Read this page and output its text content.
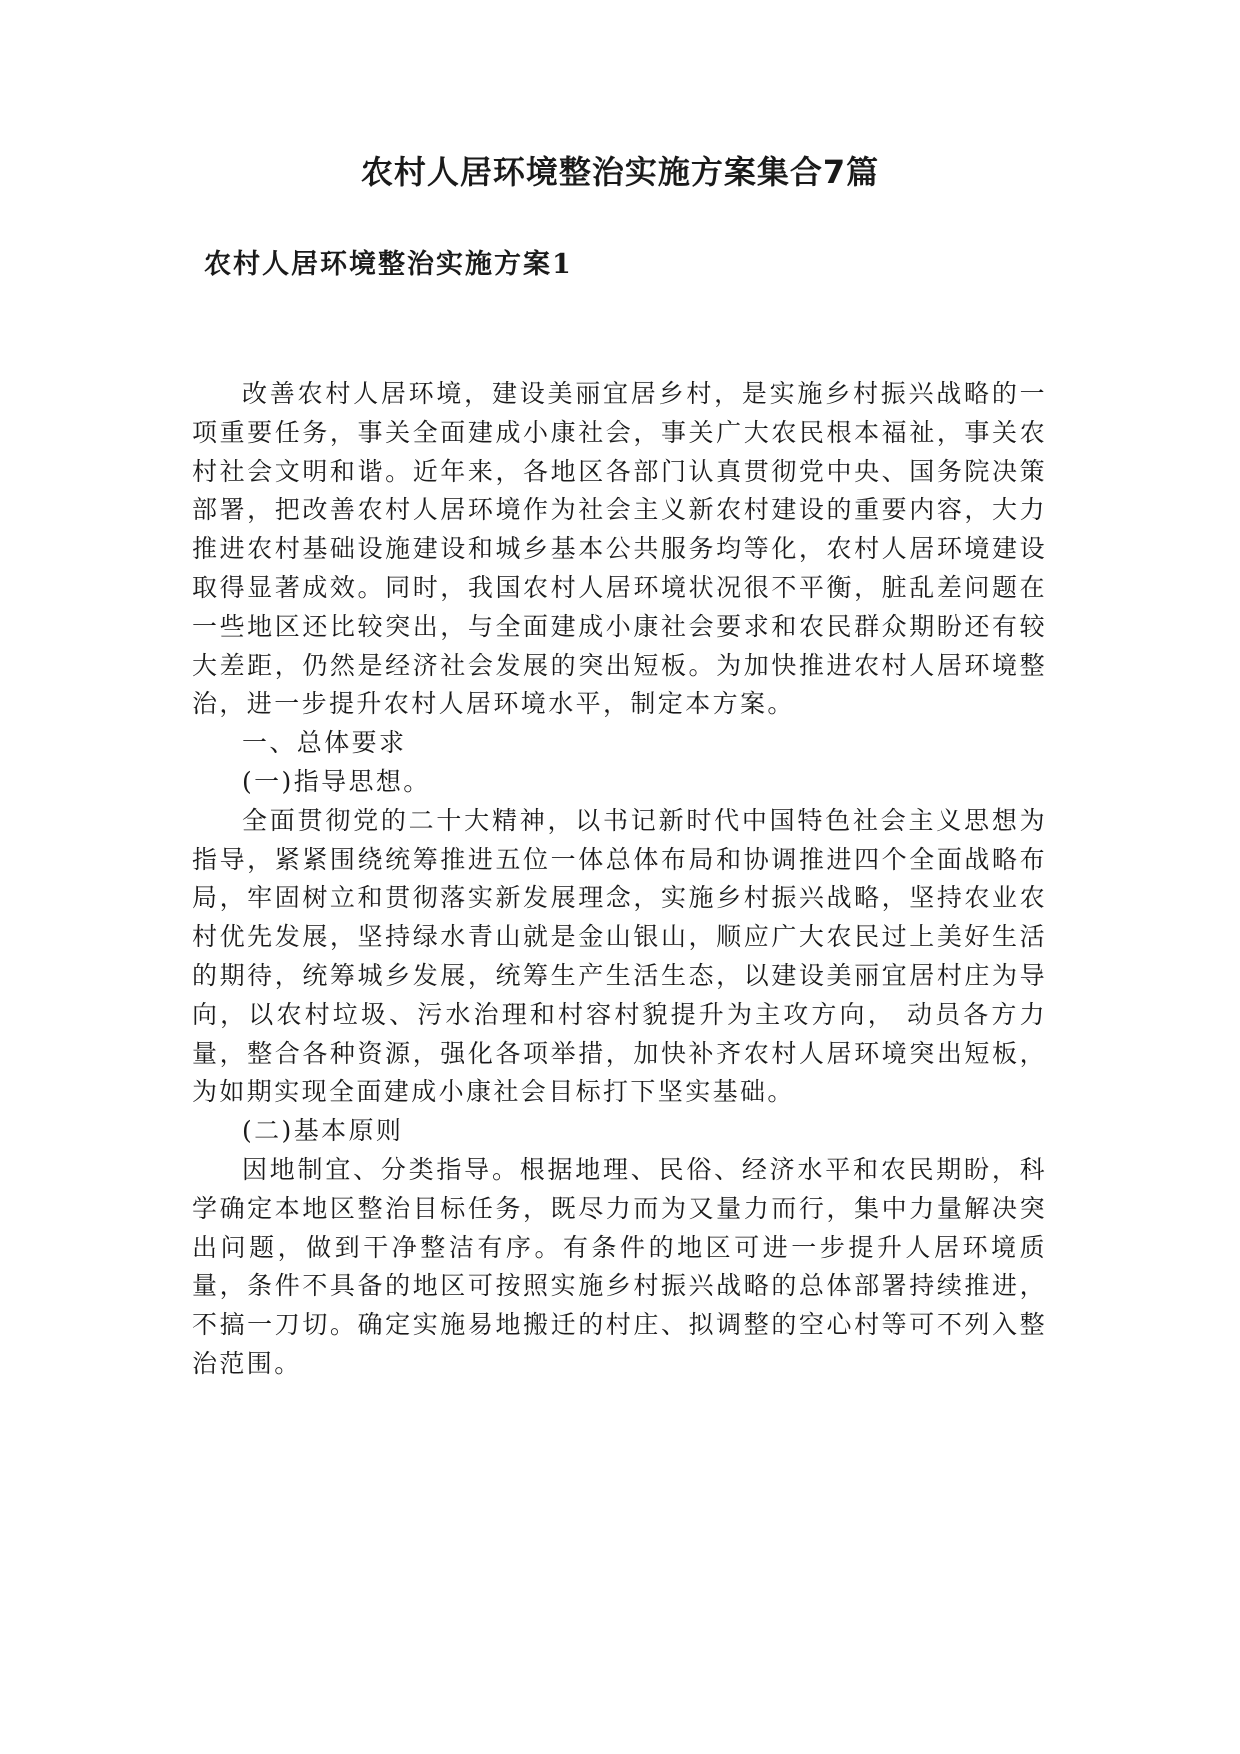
农村人居环境整治实施方案集合7篇
农村人居环境整治实施方案1

改善农村人居环境，建设美丽宜居乡村，是实施乡村振兴战略的一项重要任务，事关全面建成小康社会，事关广大农民根本福祉，事关农村社会文明和谐。近年来，各地区各部门认真贯彻党中央、国务院决策部署，把改善农村人居环境作为社会主义新农村建设的重要内容，大力推进农村基础设施建设和城乡基本公共服务均等化，农村人居环境建设取得显著成效。同时，我国农村人居环境状况很不平衡，脏乱差问题在一些地区还比较突出，与全面建成小康社会要求和农民群众期盼还有较大差距，仍然是经济社会发展的突出短板。为加快推进农村人居环境整治，进一步提升农村人居环境水平，制定本方案。

一、总体要求

(一)指导思想。

全面贯彻党的二十大精神，以书记新时代中国特色社会主义思想为指导，紧紧围绕统筹推进五位一体总体布局和协调推进四个全面战略布局，牢固树立和贯彻落实新发展理念，实施乡村振兴战略，坚持农业农村优先发展，坚持绿水青山就是金山银山，顺应广大农民过上美好生活的期待，统筹城乡发展，统筹生产生活生态，以建设美丽宜居村庄为导向，以农村垃圾、污水治理和村容村貌提升为主攻方向， 动员各方力量，整合各种资源，强化各项举措，加快补齐农村人居环境突出短板，为如期实现全面建成小康社会目标打下坚实基础。

(二)基本原则

因地制宜、分类指导。根据地理、民俗、经济水平和农民期盼，科学确定本地区整治目标任务，既尽力而为又量力而行，集中力量解决突出问题，做到干净整洁有序。有条件的地区可进一步提升人居环境质量，条件不具备的地区可按照实施乡村振兴战略的总体部署持续推进，不搞一刀切。确定实施易地搬迁的村庄、拟调整的空心村等可不列入整治范围。
